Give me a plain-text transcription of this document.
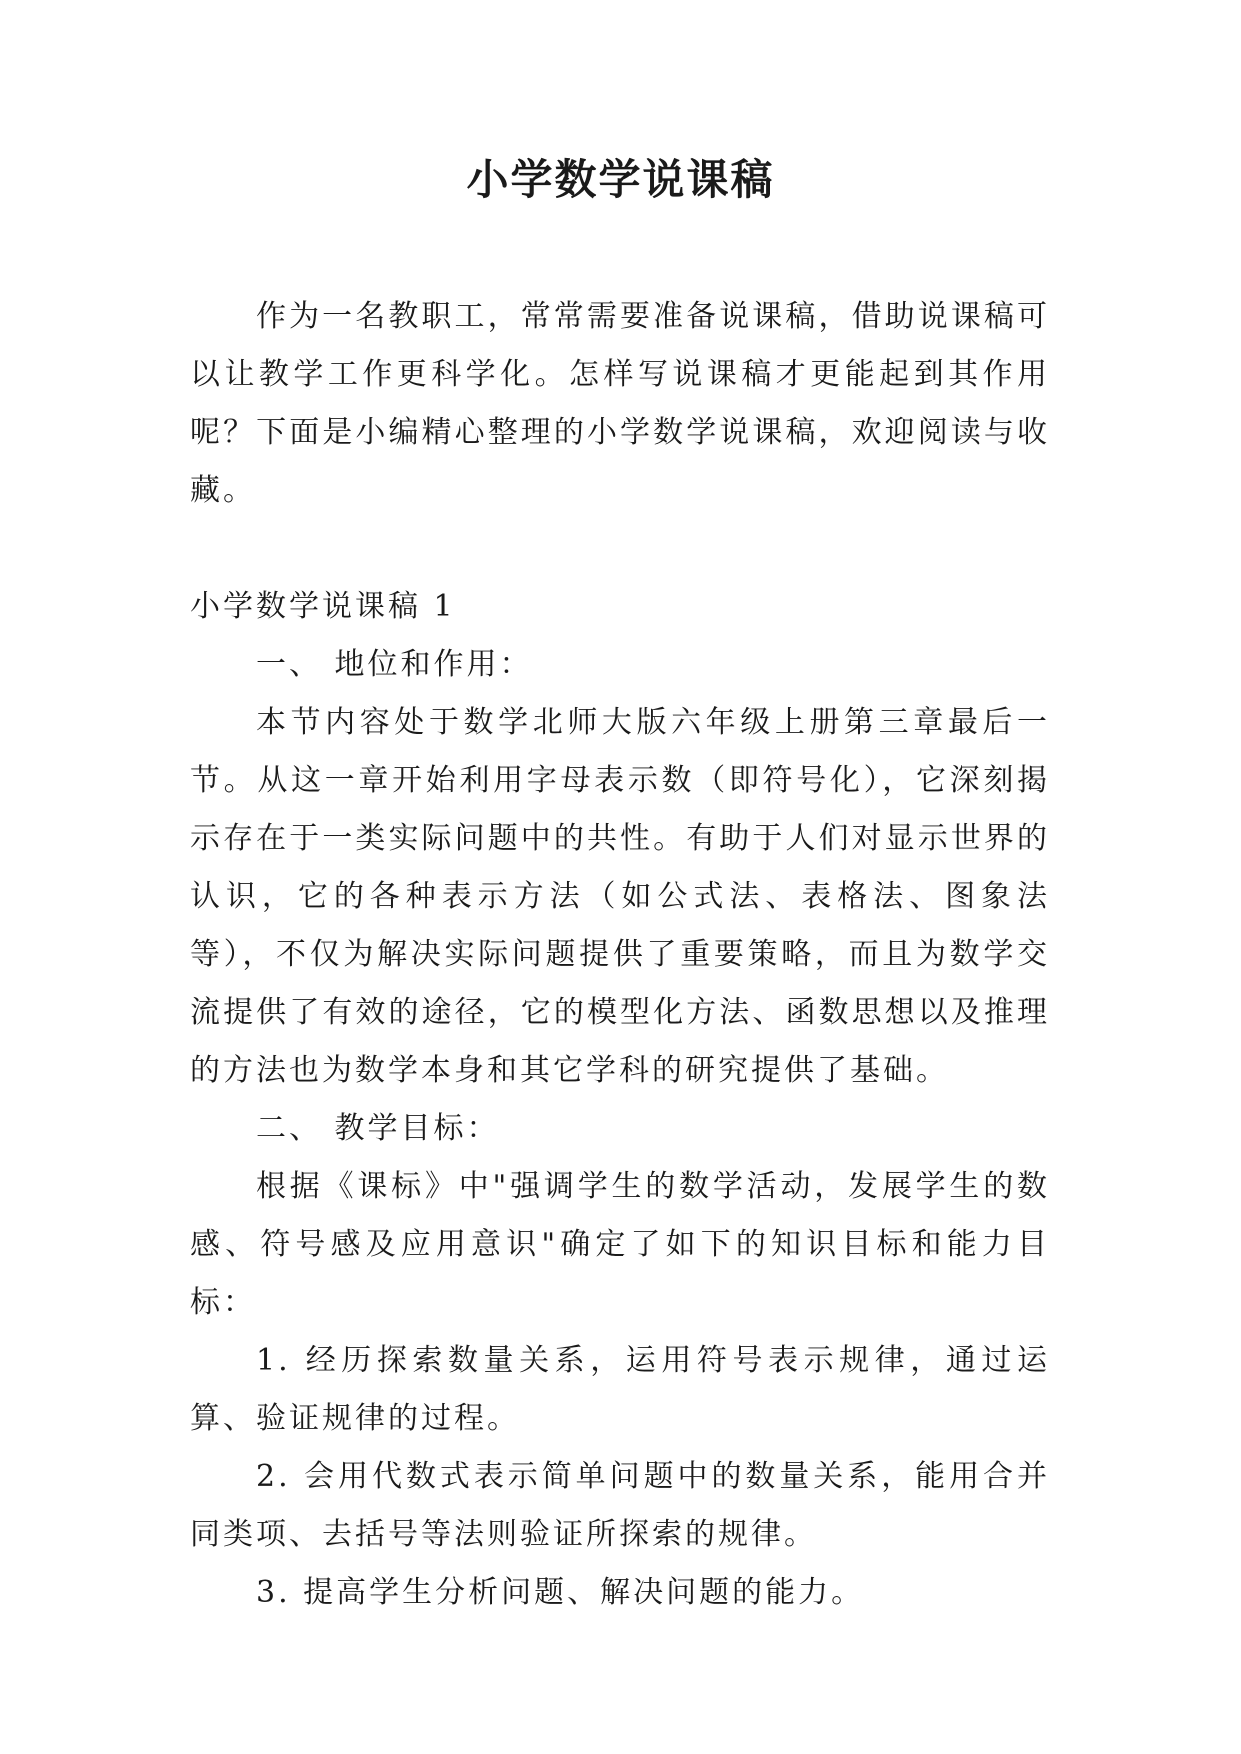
小学数学说课稿

作为一名教职工，常常需要准备说课稿，借助说课稿可以让教学工作更科学化。怎样写说课稿才更能起到其作用呢？下面是小编精心整理的小学数学说课稿，欢迎阅读与收藏。

小学数学说课稿 1

一、 地位和作用：

本节内容处于数学北师大版六年级上册第三章最后一节。从这一章开始利用字母表示数（即符号化），它深刻揭示存在于一类实际问题中的共性。有助于人们对显示世界的认识，它的各种表示方法（如公式法、表格法、图象法等），不仅为解决实际问题提供了重要策略，而且为数学交流提供了有效的途径，它的模型化方法、函数思想以及推理的方法也为数学本身和其它学科的研究提供了基础。

二、 教学目标：

根据《课标》中"强调学生的数学活动，发展学生的数感、符号感及应用意识"确定了如下的知识目标和能力目标：

1. 经历探索数量关系，运用符号表示规律，通过运算、验证规律的过程。

2. 会用代数式表示简单问题中的数量关系，能用合并同类项、去括号等法则验证所探索的规律。

3. 提高学生分析问题、解决问题的能力。
